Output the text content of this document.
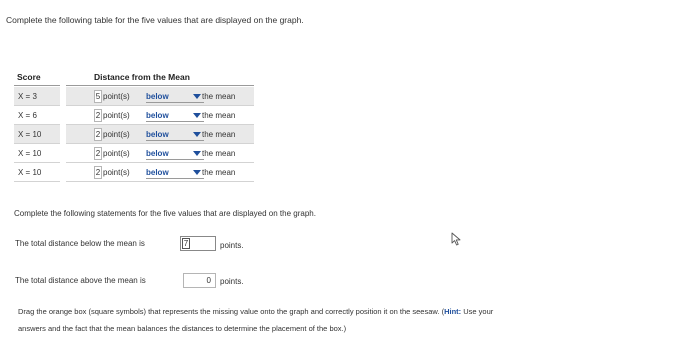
Complete the following table for the five values that are displayed on the graph.
Score	Distance from the Mean
X = 3	5 point(s) below	the mean
X = 6	2 point(s) below	the mean
X = 10	2 point(s) below	the mean
X = 10	2 point(s) below	the mean
X = 10	2 point(s) below	the mean
Complete the following statements for the five values that are displayed on the graph.
The total distance below the mean is	7	points.
The total distance above the mean is	0	points.
Drag the orange box (square symbols) that represents the missing value onto the graph and correctly position it on the seesaw. (Hint: Use your
answers and the fact that the mean balances the distances to determine the placement of the box.)
